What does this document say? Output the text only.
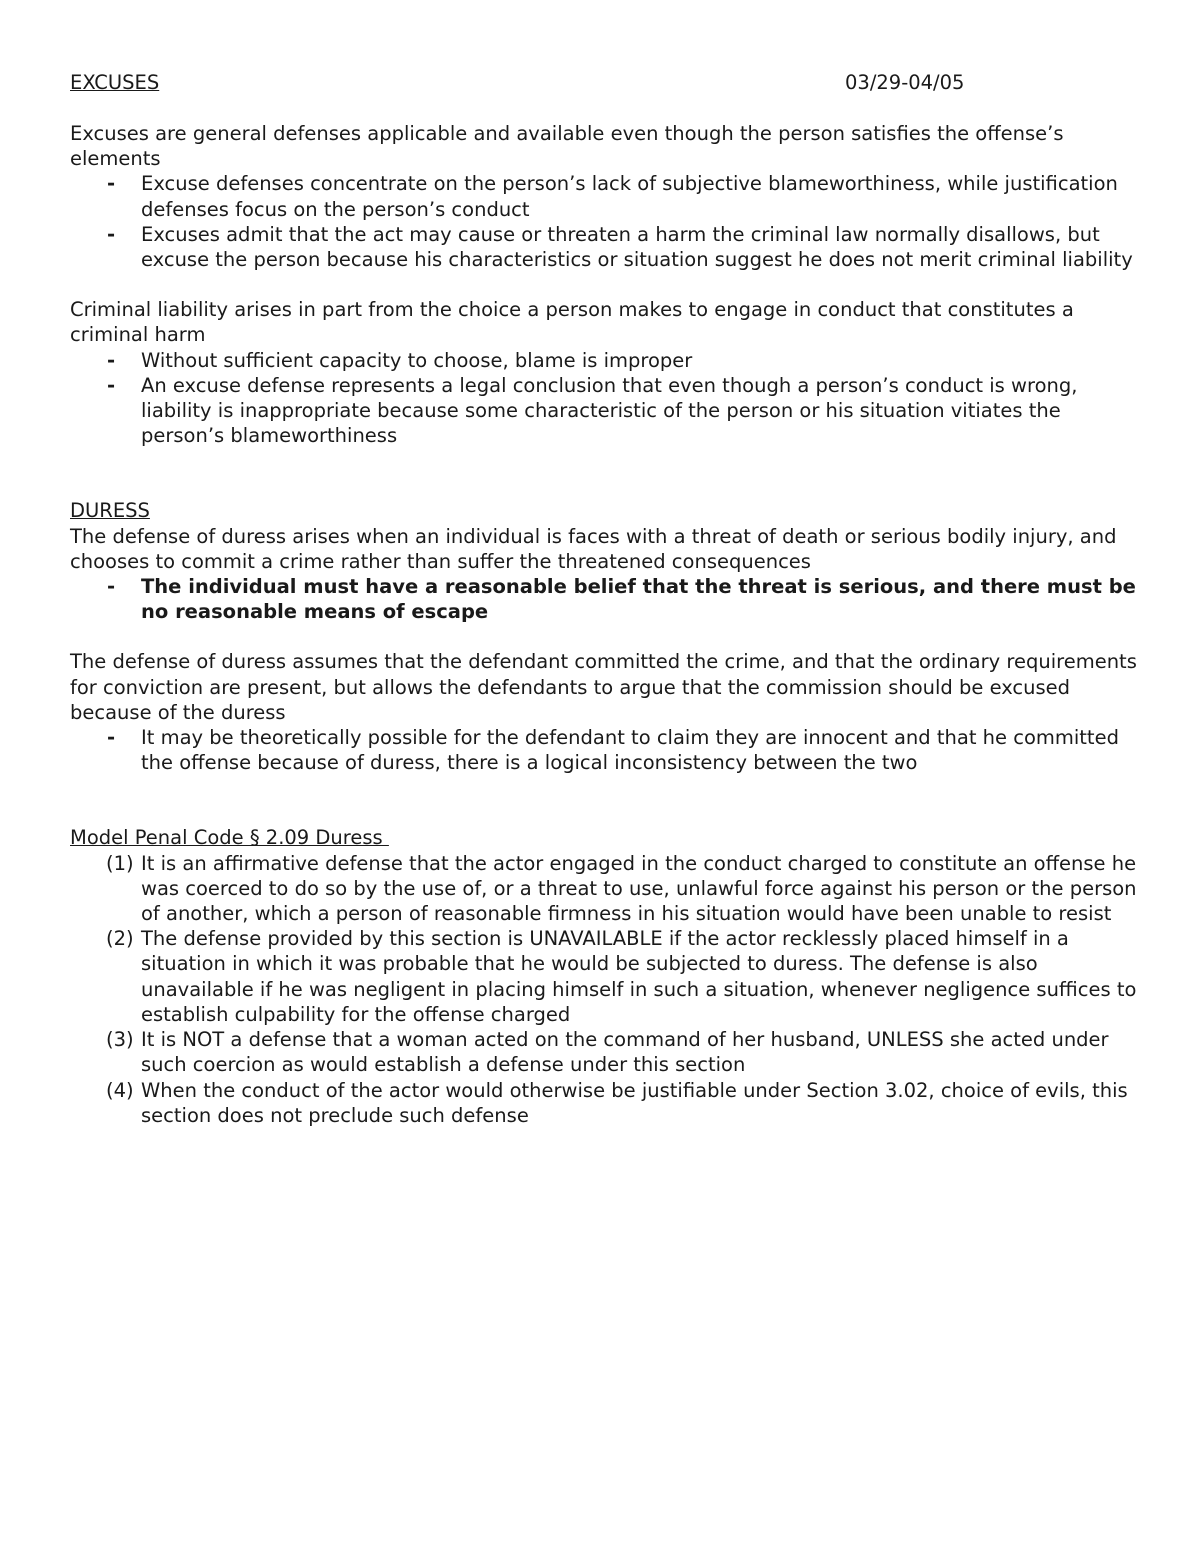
EXCUSES	03/29-04/05

Excuses are general defenses applicable and available even though the person satisfies the offense’s elements

- Excuse defenses concentrate on the person’s lack of subjective blameworthiness, while justification defenses focus on the person’s conduct
- Excuses admit that the act may cause or threaten a harm the criminal law normally disallows, but excuse the person because his characteristics or situation suggest he does not merit criminal liability

Criminal liability arises in part from the choice a person makes to engage in conduct that constitutes a criminal harm

- Without sufficient capacity to choose, blame is improper
- An excuse defense represents a legal conclusion that even though a person’s conduct is wrong, liability is inappropriate because some characteristic of the person or his situation vitiates the person’s blameworthiness

DURESS

The defense of duress arises when an individual is faces with a threat of death or serious bodily injury, and chooses to commit a crime rather than suffer the threatened consequences

- The individual must have a reasonable belief that the threat is serious, and there must be no reasonable means of escape

The defense of duress assumes that the defendant committed the crime, and that the ordinary requirements for conviction are present, but allows the defendants to argue that the commission should be excused because of the duress

- It may be theoretically possible for the defendant to claim they are innocent and that he committed the offense because of duress, there is a logical inconsistency between the two

Model Penal Code § 2.09 Duress

(1) It is an affirmative defense that the actor engaged in the conduct charged to constitute an offense he was coerced to do so by the use of, or a threat to use, unlawful force against his person or the person of another, which a person of reasonable firmness in his situation would have been unable to resist
(2) The defense provided by this section is UNAVAILABLE if the actor recklessly placed himself in a situation in which it was probable that he would be subjected to duress. The defense is also unavailable if he was negligent in placing himself in such a situation, whenever negligence suffices to establish culpability for the offense charged
(3) It is NOT a defense that a woman acted on the command of her husband, UNLESS she acted under such coercion as would establish a defense under this section
(4) When the conduct of the actor would otherwise be justifiable under Section 3.02, choice of evils, this section does not preclude such defense
